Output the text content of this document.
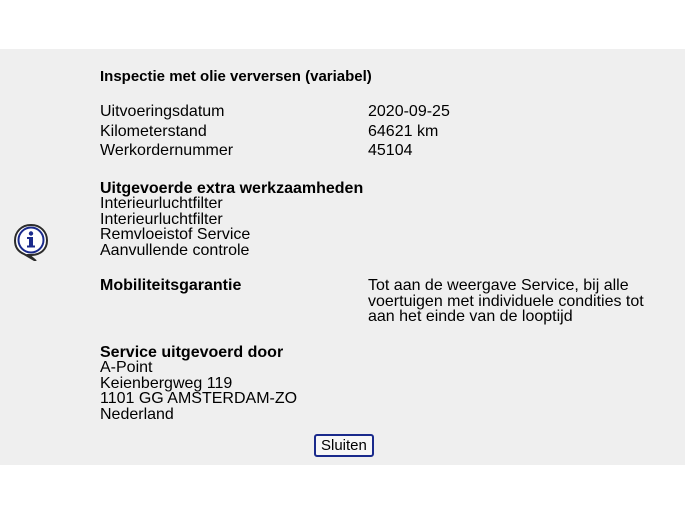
Inspectie met olie verversen (variabel)
Uitvoeringsdatum	2020-09-25
Kilometerstand	64621 km
Werkordernummer	45104
Uitgevoerde extra werkzaamheden
Interieurluchtfilter
Interieurluchtfilter
Remvloeistof Service
Aanvullende controle
Mobiliteitsgarantie	Tot aan de weergave Service, bij alle voertuigen met individuele condities tot aan het einde van de looptijd
Service uitgevoerd door
A-Point
Keienbergweg 119
1101 GG AMSTERDAM-ZO
Nederland
Sluiten
